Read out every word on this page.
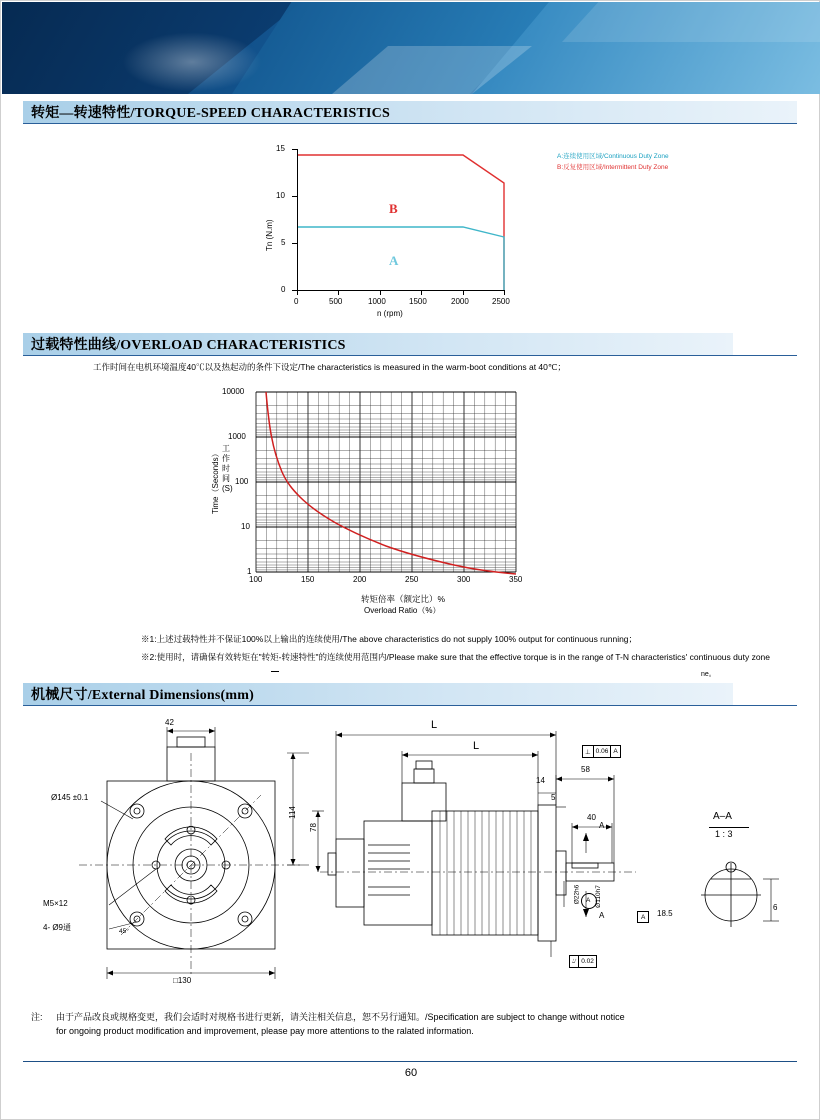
转矩—转速特性/TORQUE-SPEED CHARACTERISTICS
0
5
10
15
0	500	1000	1500	2000	2500
Tn (N.m)
n (rpm)
B
A
A:连续使用区域/Continuous Duty Zone
B:反复使用区域/Intermittent Duty Zone
过载特性曲线/OVERLOAD CHARACTERISTICS
工作时间在电机环境温度40℃以及热起动的条件下设定/The characteristics is measured in the warm-boot conditions at 40℃；
10000
1000
100
10
1
100	150	200	250	300	350
Time（Seconds）
工作时间(S)
转矩倍率（额定比）%
Overload Ratio（%）
※1:上述过载特性并不保证100%以上输出的连续使用/The above characteristics do not supply 100% output for continuous running；
※2:使用时，请确保有效转矩在"转矩-转速特性"的连续使用范围内/Please make sure that the effective torque is in the range of T-N characteristics' continuous duty zone
ne。
机械尺寸/External Dimensions(mm)
42
114
Ø145 ±0.1
M5×12
4- Ø9通	45°
□130
L
L
78
58
14
5
40
Ø22h6 Ø110h7
A
A
A
⊥ 0.06 A
⌰ 0.02
A
A–A
1 : 3
18.5
6
注: 由于产品改良或规格变更，我们会适时对规格书进行更新，请关注相关信息，恕不另行通知。/Specification are subject to change without notice
for ongoing product modification and improvement, please pay more attentions to the ralated information.
60
